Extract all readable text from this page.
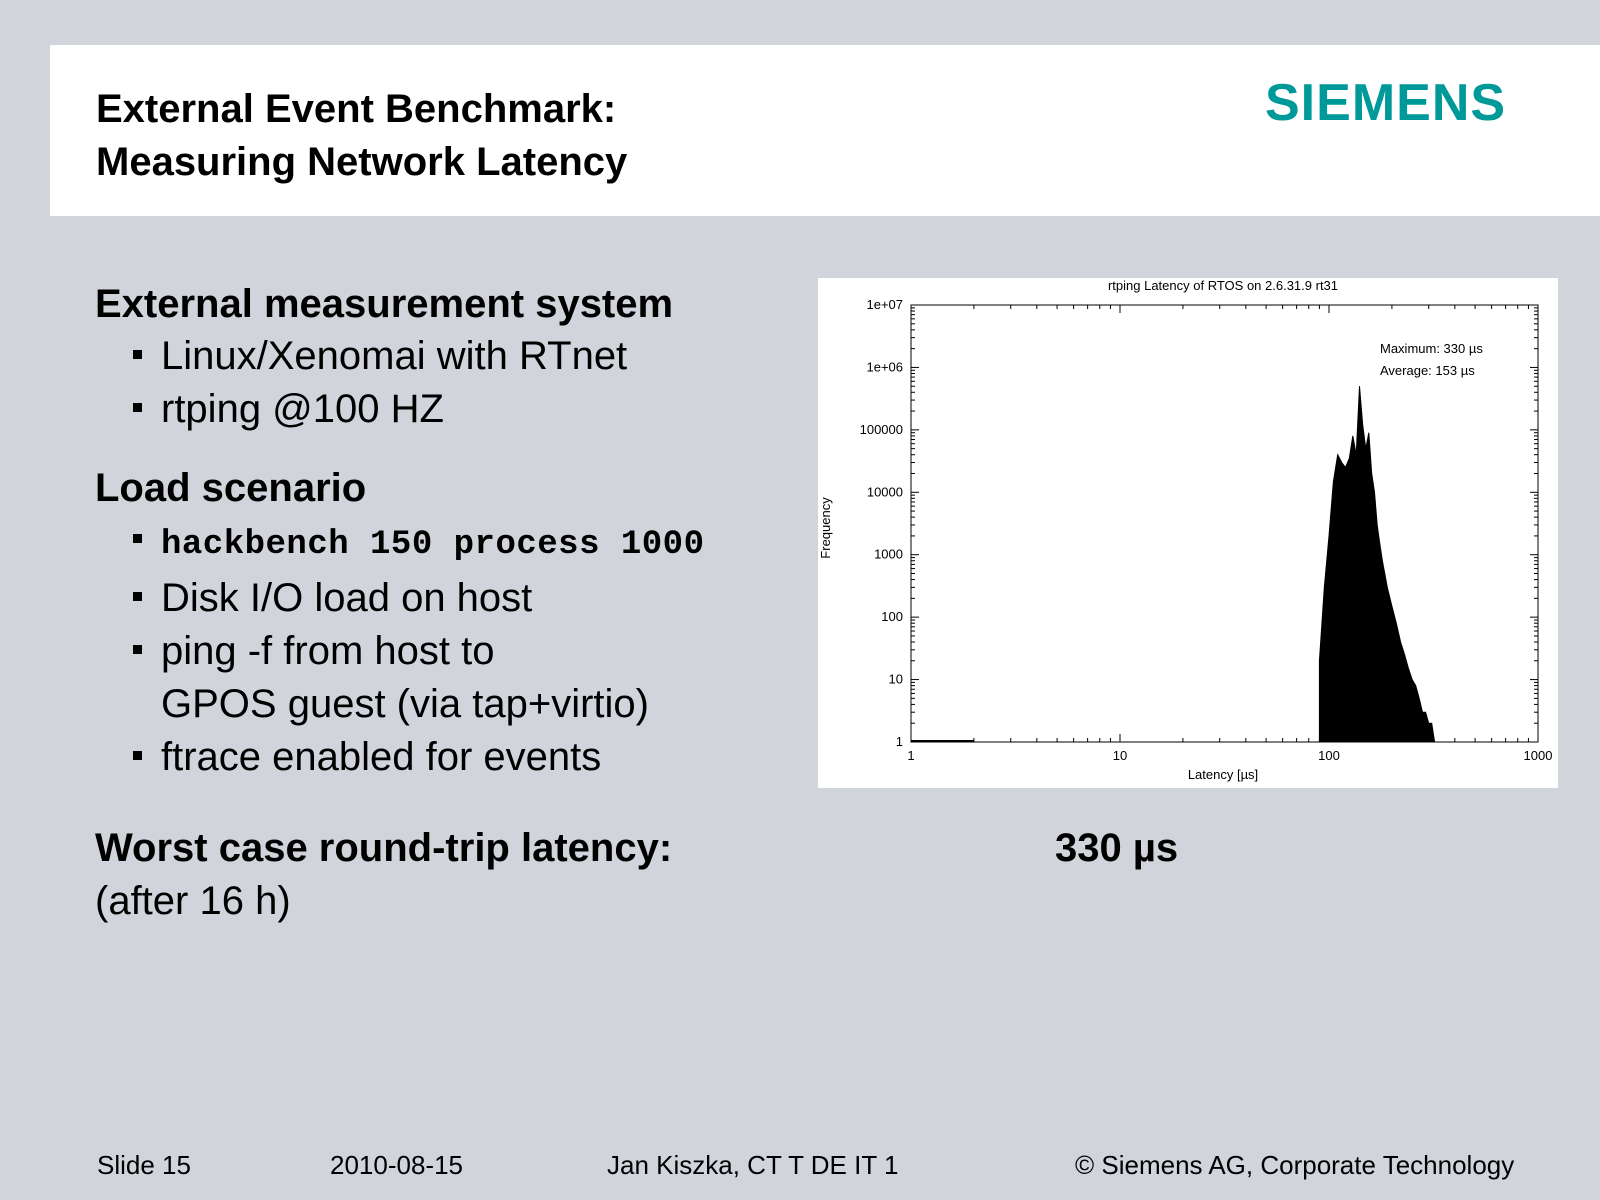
External Event Benchmark:
Measuring Network Latency
SIEMENS
External measurement system
Linux/Xenomai with RTnet
rtping @100 HZ
Load scenario
hackbench 150 process 1000
Disk I/O load on host
ping -f from host to
GPOS guest (via tap+virtio)
ftrace enabled for events
rtping Latency of RTOS on 2.6.31.9 rt31
Latency [µs]
Frequency
Maximum: 330 µs
Average: 153 µs
1
10
100
1000
10000
100000
1e+06
1e+07
1	10	100	1000
Worst case round-trip latency:
(after 16 h)
330 µs
Slide 15	2010-08-15	Jan Kiszka, CT T DE IT 1	© Siemens AG, Corporate Technology
